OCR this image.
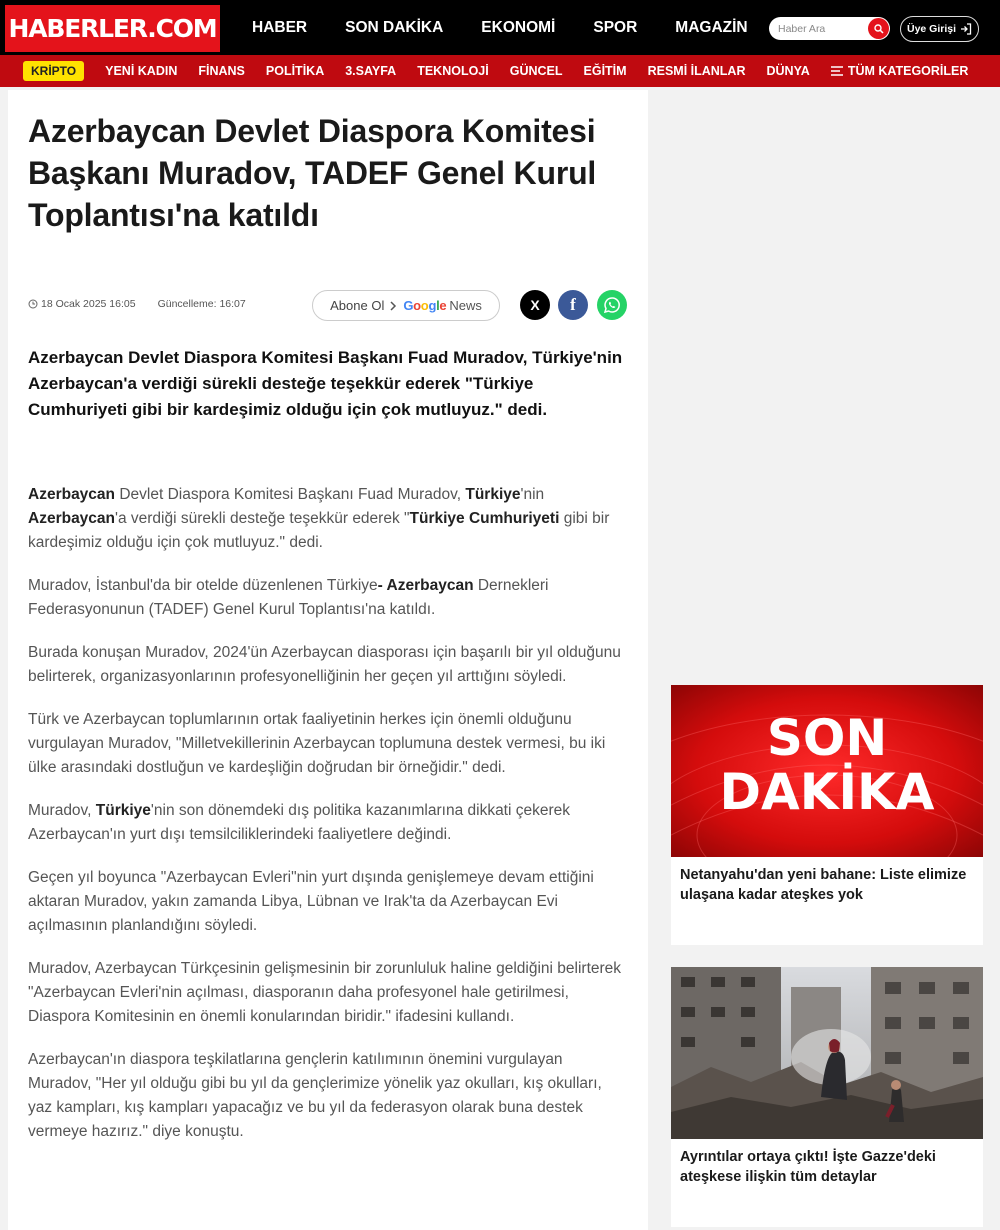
HABERLER.COM HABER SON DAKİKA EKONOMİ SPOR MAGAZİN
Haber Ara	Üye Girişi
KRİPTO	YENİ KADIN FİNANS POLİTİKA 3.SAYFA TEKNOLOJİ GÜNCEL EĞİTİM RESMİ İLANLAR DÜNYA	TÜM KATEGORİLER
Azerbaycan Devlet Diaspora Komitesi Başkanı Muradov, TADEF Genel Kurul Toplantısı'na katıldı
18 Ocak 2025 16:05 Güncelleme: 16:07	Abone Ol Google News	X f

Azerbaycan Devlet Diaspora Komitesi Başkanı Fuad Muradov, Türkiye'nin Azerbaycan'a verdiği sürekli desteğe teşekkür ederek "Türkiye Cumhuriyeti gibi bir kardeşimiz olduğu için çok mutluyuz." dedi.

Azerbaycan Devlet Diaspora Komitesi Başkanı Fuad Muradov, Türkiye'nin Azerbaycan'a verdiği sürekli desteğe teşekkür ederek "Türkiye Cumhuriyeti gibi bir kardeşimiz olduğu için çok mutluyuz." dedi.

Muradov, İstanbul'da bir otelde düzenlenen Türkiye- Azerbaycan Dernekleri Federasyonunun (TADEF) Genel Kurul Toplantısı'na katıldı.

Burada konuşan Muradov, 2024'ün Azerbaycan diasporası için başarılı bir yıl olduğunu belirterek, organizasyonlarının profesyonelliğinin her geçen yıl arttığını söyledi.

Türk ve Azerbaycan toplumlarının ortak faaliyetinin herkes için önemli olduğunu vurgulayan Muradov, "Milletvekillerinin Azerbaycan toplumuna destek vermesi, bu iki ülke arasındaki dostluğun ve kardeşliğin doğrudan bir örneğidir." dedi.

Muradov, Türkiye'nin son dönemdeki dış politika kazanımlarına dikkati çekerek Azerbaycan'ın yurt dışı temsilciliklerindeki faaliyetlere değindi.

Geçen yıl boyunca "Azerbaycan Evleri"nin yurt dışında genişlemeye devam ettiğini aktaran Muradov, yakın zamanda Libya, Lübnan ve Irak'ta da Azerbaycan Evi açılmasının planlandığını söyledi.

Muradov, Azerbaycan Türkçesinin gelişmesinin bir zorunluluk haline geldiğini belirterek "Azerbaycan Evleri'nin açılması, diasporanın daha profesyonel hale getirilmesi, Diaspora Komitesinin en önemli konularından biridir." ifadesini kullandı.

Azerbaycan'ın diaspora teşkilatlarına gençlerin katılımının önemini vurgulayan Muradov, "Her yıl olduğu gibi bu yıl da gençlerimize yönelik yaz okulları, kış okulları, yaz kampları, kış kampları yapacağız ve bu yıl da federasyon olarak buna destek vermeye hazırız." diye konuştu.

SON
DAKİKA

Netanyahu'dan yeni bahane: Liste elimize ulaşana kadar ateşkes yok

Ayrıntılar ortaya çıktı! İşte Gazze'deki ateşkese ilişkin tüm detaylar
